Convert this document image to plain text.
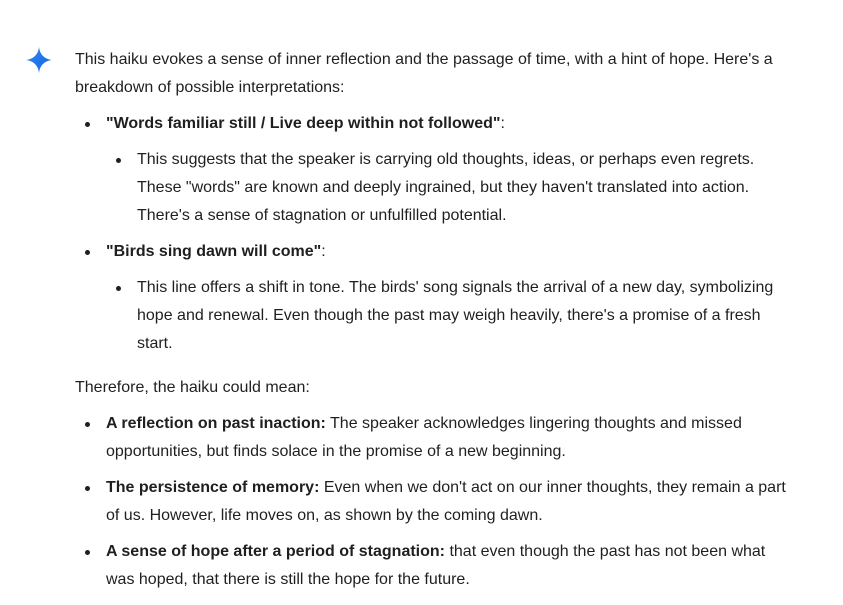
This haiku evokes a sense of inner reflection and the passage of time, with a hint of hope. Here's a breakdown of possible interpretations:

"Words familiar still / Live deep within not followed":
This suggests that the speaker is carrying old thoughts, ideas, or perhaps even regrets. These "words" are known and deeply ingrained, but they haven't translated into action. There's a sense of stagnation or unfulfilled potential.
"Birds sing dawn will come":
This line offers a shift in tone. The birds' song signals the arrival of a new day, symbolizing hope and renewal. Even though the past may weigh heavily, there's a promise of a fresh start.

Therefore, the haiku could mean:

A reflection on past inaction: The speaker acknowledges lingering thoughts and missed opportunities, but finds solace in the promise of a new beginning.
The persistence of memory: Even when we don't act on our inner thoughts, they remain a part of us. However, life moves on, as shown by the coming dawn.
A sense of hope after a period of stagnation: that even though the past has not been what was hoped, that there is still the hope for the future.
